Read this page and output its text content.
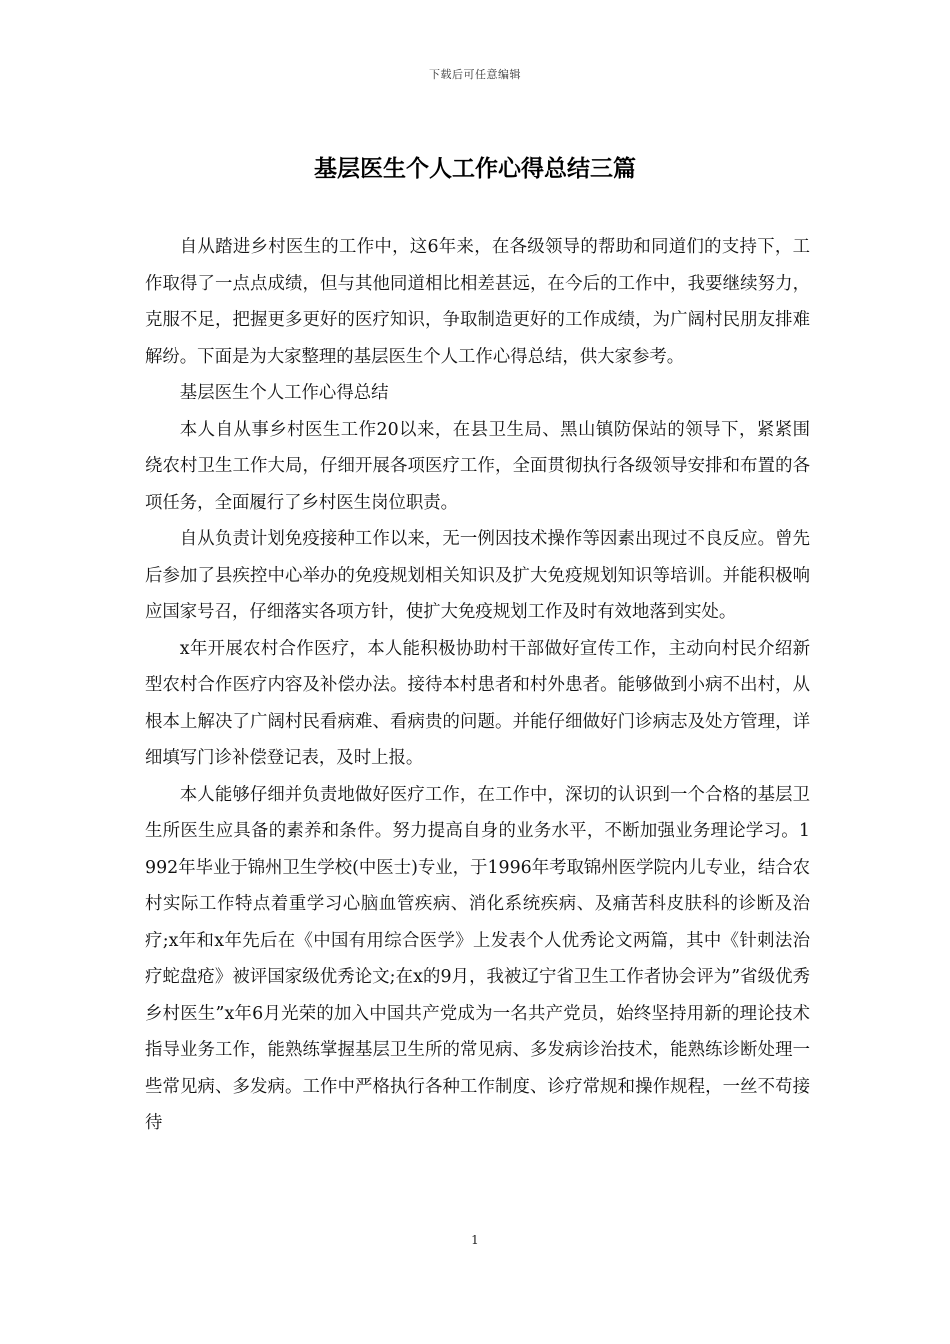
下载后可任意编辑
基层医生个人工作心得总结三篇

自从踏进乡村医生的工作中，这6年来，在各级领导的帮助和同道们的支持下，工作取得了一点点成绩，但与其他同道相比相差甚远，在今后的工作中，我要继续努力，克服不足，把握更多更好的医疗知识，争取制造更好的工作成绩，为广阔村民朋友排难解纷。下面是为大家整理的基层医生个人工作心得总结，供大家参考。

基层医生个人工作心得总结

本人自从事乡村医生工作20以来，在县卫生局、黑山镇防保站的领导下，紧紧围绕农村卫生工作大局，仔细开展各项医疗工作，全面贯彻执行各级领导安排和布置的各项任务，全面履行了乡村医生岗位职责。

自从负责计划免疫接种工作以来，无一例因技术操作等因素出现过不良反应。曾先后参加了县疾控中心举办的免疫规划相关知识及扩大免疫规划知识等培训。并能积极响应国家号召，仔细落实各项方针，使扩大免疫规划工作及时有效地落到实处。

x年开展农村合作医疗，本人能积极协助村干部做好宣传工作，主动向村民介绍新型农村合作医疗内容及补偿办法。接待本村患者和村外患者。能够做到小病不出村，从根本上解决了广阔村民看病难、看病贵的问题。并能仔细做好门诊病志及处方管理，详细填写门诊补偿登记表，及时上报。

本人能够仔细并负责地做好医疗工作，在工作中，深切的认识到一个合格的基层卫生所医生应具备的素养和条件。努力提高自身的业务水平，不断加强业务理论学习。1992年毕业于锦州卫生学校(中医士)专业，于1996年考取锦州医学院内儿专业，结合农村实际工作特点着重学习心脑血管疾病、消化系统疾病、及痛苦科皮肤科的诊断及治疗;x年和x年先后在《中国有用综合医学》上发表个人优秀论文两篇，其中《针刺法治疗蛇盘疮》被评国家级优秀论文;在x的9月，我被辽宁省卫生工作者协会评为”省级优秀乡村医生”x年6月光荣的加入中国共产党成为一名共产党员，始终坚持用新的理论技术指导业务工作，能熟练掌握基层卫生所的常见病、多发病诊治技术，能熟练诊断处理一些常见病、多发病。工作中严格执行各种工作制度、诊疗常规和操作规程，一丝不苟接待

1
